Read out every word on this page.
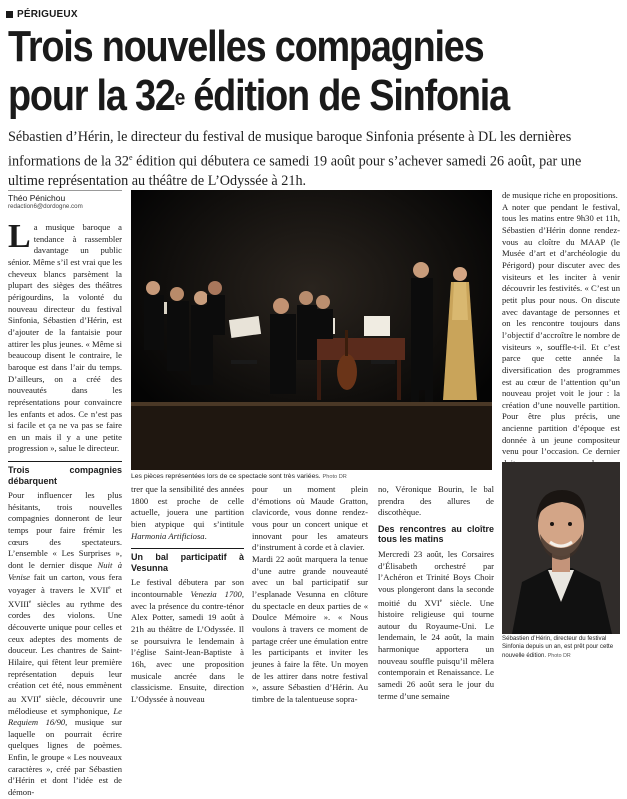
PÉRIGUEUX
Trois nouvelles compagnies
pour la 32e édition de Sinfonia

Sébastien d’Hérin, le directeur du festival de musique baroque Sinfonia présente à DL les dernières informations de la 32e édition qui débutera ce samedi 19 août pour s’achever samedi 26 août, par une ultime représentation au théâtre de L’Odyssée à 21h.

Théo Pénichou
redaction6@dordogne.com

La musique baroque a tendance à rassembler davantage un public sénior. Même s’il est vrai que les cheveux blancs parsèment la plupart des sièges des théâtres périgourdins, la volonté du nouveau directeur du festival Sinfonia, Sébastien d’Hérin, est d’ajouter de la fantaisie pour attirer les plus jeunes. « Même si beaucoup disent le contraire, le baroque est dans l’air du temps. D’ailleurs, on a créé des nouveautés dans les représentations pour convaincre les enfants et ados. Ce n’est pas si facile et ça ne va pas se faire en un mais il y a une petite progression », salue le directeur.

Trois compagnies débarquent

Pour influencer les plus hésitants, trois nouvelles compagnies donneront de leur temps pour faire frémir les cœurs des spectateurs. L’ensemble « Les Surprises », dont le dernier disque Nuit à Venise fait un carton, vous fera voyager à travers le XVIIe et XVIIIe siècles au rythme des cordes des violons. Une découverte unique pour celles et ceux adeptes des moments de douceur. Les chantres de Saint-Hilaire, qui fêtent leur première représentation depuis leur création cet été, nous emmènent au XVIIe siècle, découvrir une mélodieuse et symphonique, Le Requiem 16/90, musique sur laquelle on pourrait écrire quelques lignes de poèmes. Enfin, le groupe « Les nouveaux caractères », créé par Sébastien d’Hérin et dont l’idée est de démon-

Les pièces représentées lors de ce spectacle sont très variées. Photo DR

trer que la sensibilité des années 1800 est proche de celle actuelle, jouera une partition bien atypique qui s’intitule Harmonia Artificiosa.

Un bal participatif à Vesunna

Le festival débutera par son incontournable Venezia 1700, avec la présence du contre-ténor Alex Potter, samedi 19 août à 21h au théâtre de L’Odyssée. Il se poursuivra le lendemain à l’église Saint-Jean-Baptiste à 16h, avec une proposition musicale ancrée dans le classicisme. Ensuite, direction L’Odyssée à nouveau

pour un moment plein d’émotions où Maude Gratton, clavicorde, vous donne rendez-vous pour un concert unique et innovant pour les amateurs d’instrument à corde et à clavier.

Mardi 22 août marquera la tenue d’une autre grande nouveauté avec un bal participatif sur l’esplanade Vesunna en clôture du spectacle en deux parties de « Doulce Mémoire ». « Nous voulons à travers ce moment de partage créer une émulation entre les participants et inviter les jeunes à faire la fête. Un moyen de les attirer dans notre festival », assure Sébastien d’Hérin. Au timbre de la talentueuse sopra-

no, Véronique Bourin, le bal prendra des allures de discothèque.

Des rencontres au cloître tous les matins

Mercredi 23 août, les Corsaires d’Élisabeth orchestré par l’Achéron et Trinité Boys Choir vous plongeront dans la seconde moitié du XVIe siècle. Une histoire religieuse qui tourne autour du Royaume-Uni. Le lendemain, le 24 août, la main harmonique apportera un nouveau souffle puisqu’il mêlera contemporain et Renaissance. Le samedi 26 août sera le jour du terme d’une semaine

de musique riche en propositions.

A noter que pendant le festival, tous les matins entre 9h30 et 11h, Sébastien d’Hérin donne rendez-vous au cloître du MAAP (le Musée d’art et d’archéologie du Périgord) pour discuter avec des visiteurs et les inciter à venir découvrir les festivités. « C’est un petit plus pour nous. On discute avec davantage de personnes et on les rencontre toujours dans l’objectif d’accroître le nombre de visiteurs », souffle-t-il. Et c’est parce que cette année la diversification des programmes est au cœur de l’attention qu’un nouveau projet voit le jour : la création d’une nouvelle partition. Pour être plus précis, une ancienne partition d’époque est donnée à un jeune compositeur venu pour l’occasion. Ce dernier

Sébastien d’Hérin, directeur du festival Sinfonia depuis un an, est prêt pour cette nouvelle édition. Photo DR
